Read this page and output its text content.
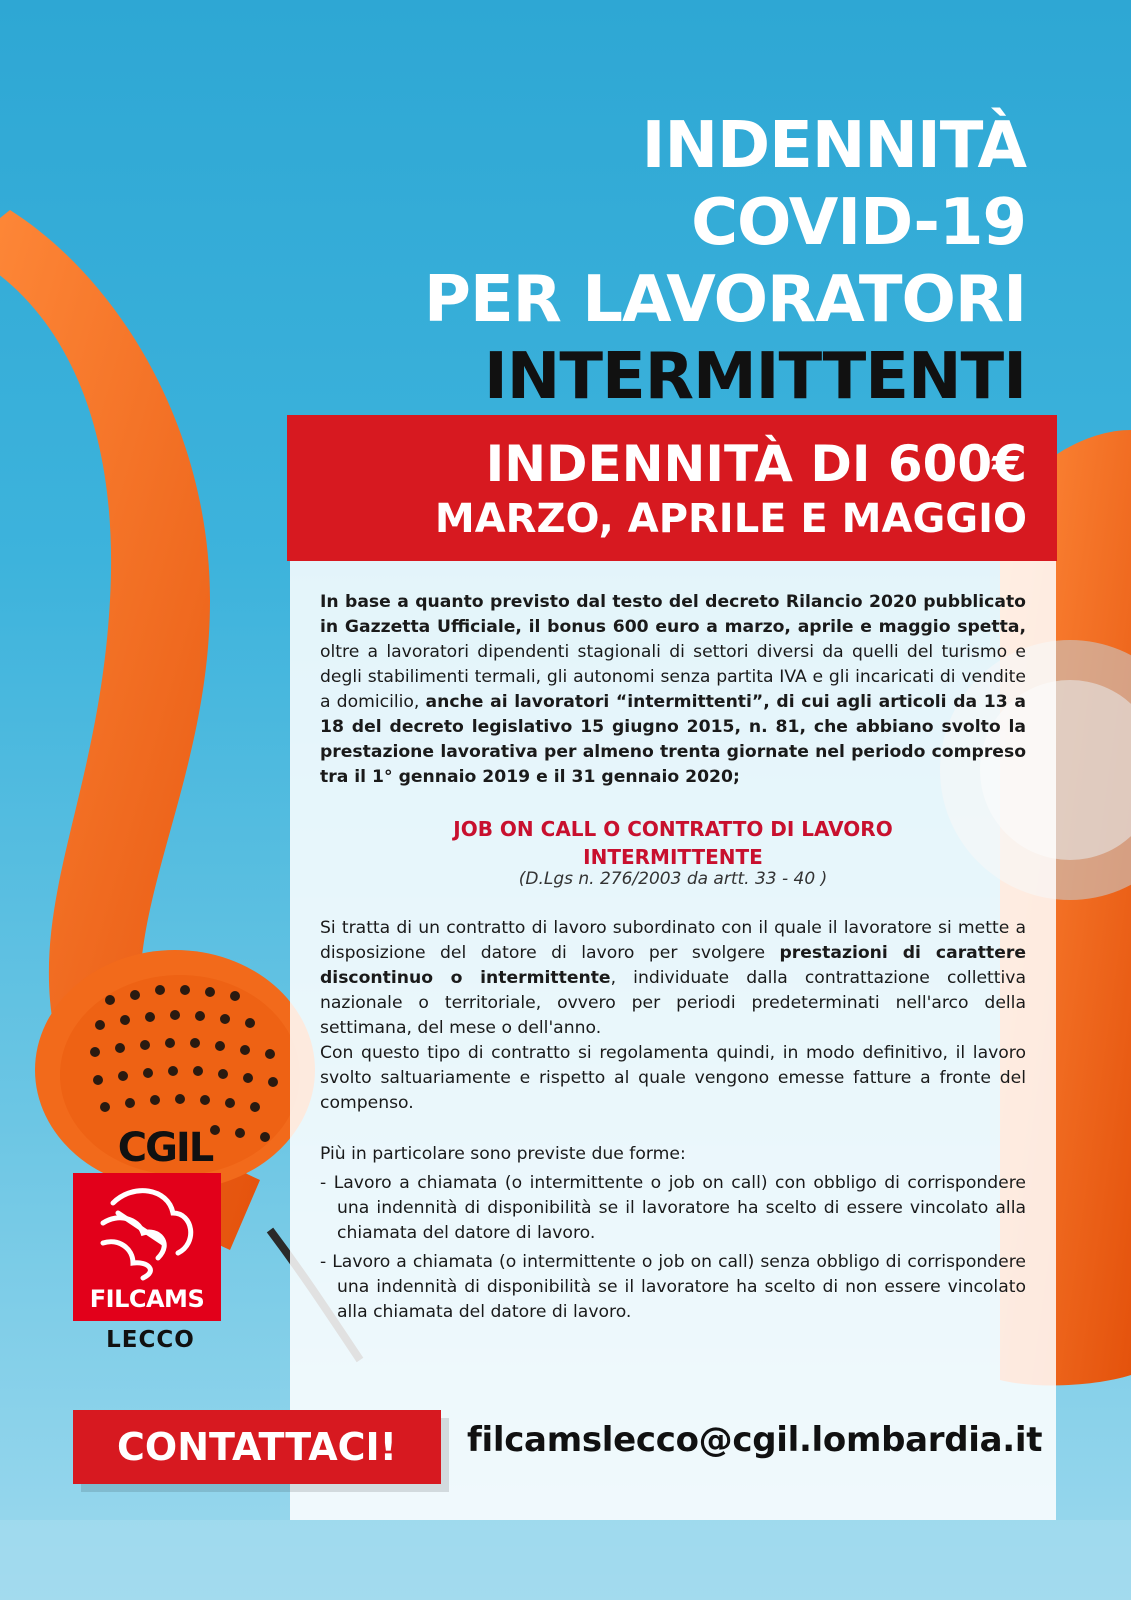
INDENNITÀ
COVID-19
PER LAVORATORI
INTERMITTENTI
INDENNITÀ DI 600€
MARZO, APRILE E MAGGIO

In base a quanto previsto dal testo del decreto Rilancio 2020 pubblicato in Gazzetta Ufficiale, il bonus 600 euro a marzo, aprile e maggio spetta, oltre a lavoratori dipendenti stagionali di settori diversi da quelli del turismo e degli stabilimenti termali, gli autonomi senza partita IVA e gli incaricati di vendite a domicilio, anche ai lavoratori “intermittenti”, di cui agli articoli da 13 a 18 del decreto legislativo 15 giugno 2015, n. 81, che abbiano svolto la prestazione lavorativa per almeno trenta giornate nel periodo compreso tra il 1° gennaio 2019 e il 31 gennaio 2020;

JOB ON CALL O CONTRATTO DI LAVORO
INTERMITTENTE
(D.Lgs n. 276/2003 da artt. 33 - 40 )

Si tratta di un contratto di lavoro subordinato con il quale il lavoratore si mette a disposizione del datore di lavoro per svolgere prestazioni di carattere discontinuo o intermittente, individuate dalla contrattazione collettiva nazionale o territoriale, ovvero per periodi predeterminati nell'arco della settimana, del mese o dell'anno.

Con questo tipo di contratto si regolamenta quindi, in modo definitivo, il lavoro svolto saltuariamente e rispetto al quale vengono emesse fatture a fronte del compenso.

Più in particolare sono previste due forme:

- Lavoro a chiamata (o intermittente o job on call) con obbligo di corrispondere una indennità di disponibilità se il lavoratore ha scelto di essere vincolato alla chiamata del datore di lavoro.
- Lavoro a chiamata (o intermittente o job on call) senza obbligo di corrispondere una indennità di disponibilità se il lavoratore ha scelto di non essere vincolato alla chiamata del datore di lavoro.
CGIL
FILCAMS
LECCO
CONTATTACI!	filcamslecco@cgil.lombardia.it
